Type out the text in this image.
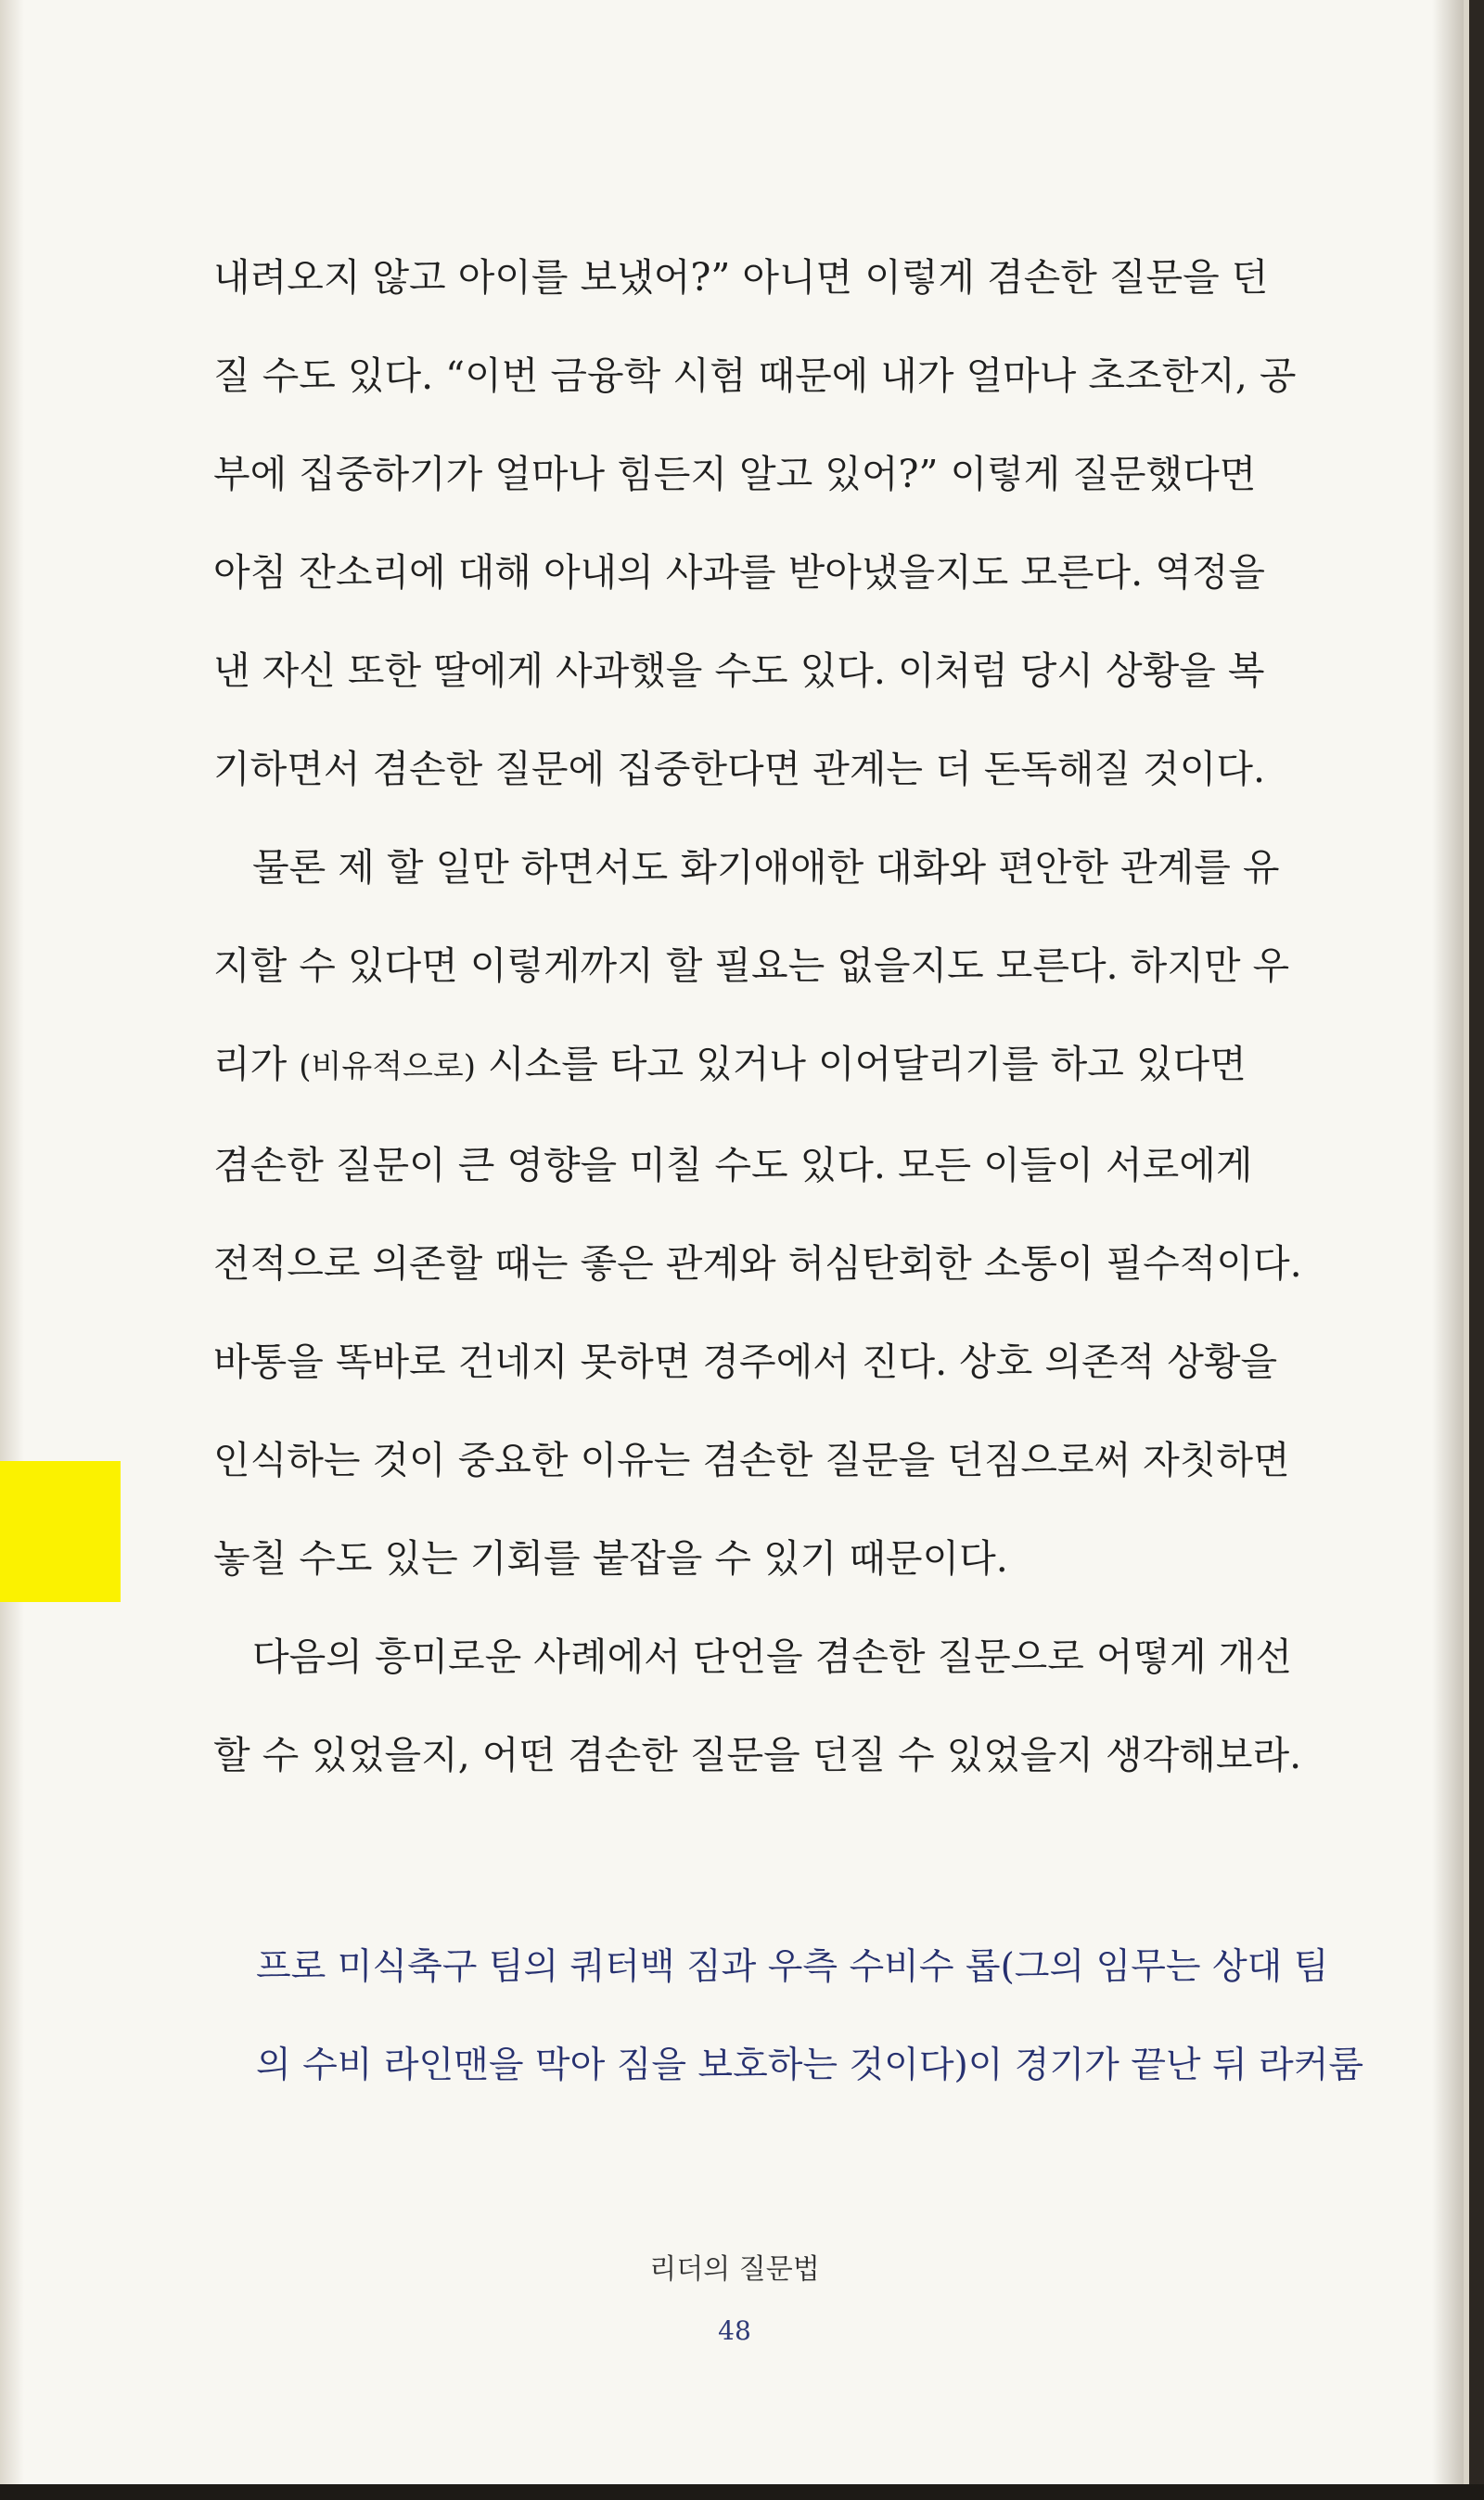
내려오지 않고 아이를 보냈어?” 아니면 이렇게 겸손한 질문을 던
질 수도 있다. “이번 금융학 시험 때문에 내가 얼마나 초조한지, 공
부에 집중하기가 얼마나 힘든지 알고 있어?” 이렇게 질문했다면
아침 잔소리에 대해 아내의 사과를 받아냈을지도 모른다. 역정을
낸 자신 또한 딸에게 사과했을 수도 있다. 이처럼 당시 상황을 복
기하면서 겸손한 질문에 집중한다면 관계는 더 돈독해질 것이다.
물론 제 할 일만 하면서도 화기애애한 대화와 편안한 관계를 유
지할 수 있다면 이렇게까지 할 필요는 없을지도 모른다. 하지만 우
리가 (비유적으로) 시소를 타고 있거나 이어달리기를 하고 있다면
겸손한 질문이 큰 영향을 미칠 수도 있다. 모든 이들이 서로에게
전적으로 의존할 때는 좋은 관계와 허심탄회한 소통이 필수적이다.
바통을 똑바로 건네지 못하면 경주에서 진다. 상호 의존적 상황을
인식하는 것이 중요한 이유는 겸손한 질문을 던짐으로써 자칫하면
놓칠 수도 있는 기회를 붙잡을 수 있기 때문이다.
다음의 흥미로운 사례에서 단언을 겸손한 질문으로 어떻게 개선
할 수 있었을지, 어떤 겸손한 질문을 던질 수 있었을지 생각해보라.
프로 미식축구 팀의 쿼터백 짐과 우측 수비수 롭(그의 임무는 상대 팀
의 수비 라인맨을 막아 짐을 보호하는 것이다)이 경기가 끝난 뒤 라커룸
리더의 질문법
48
